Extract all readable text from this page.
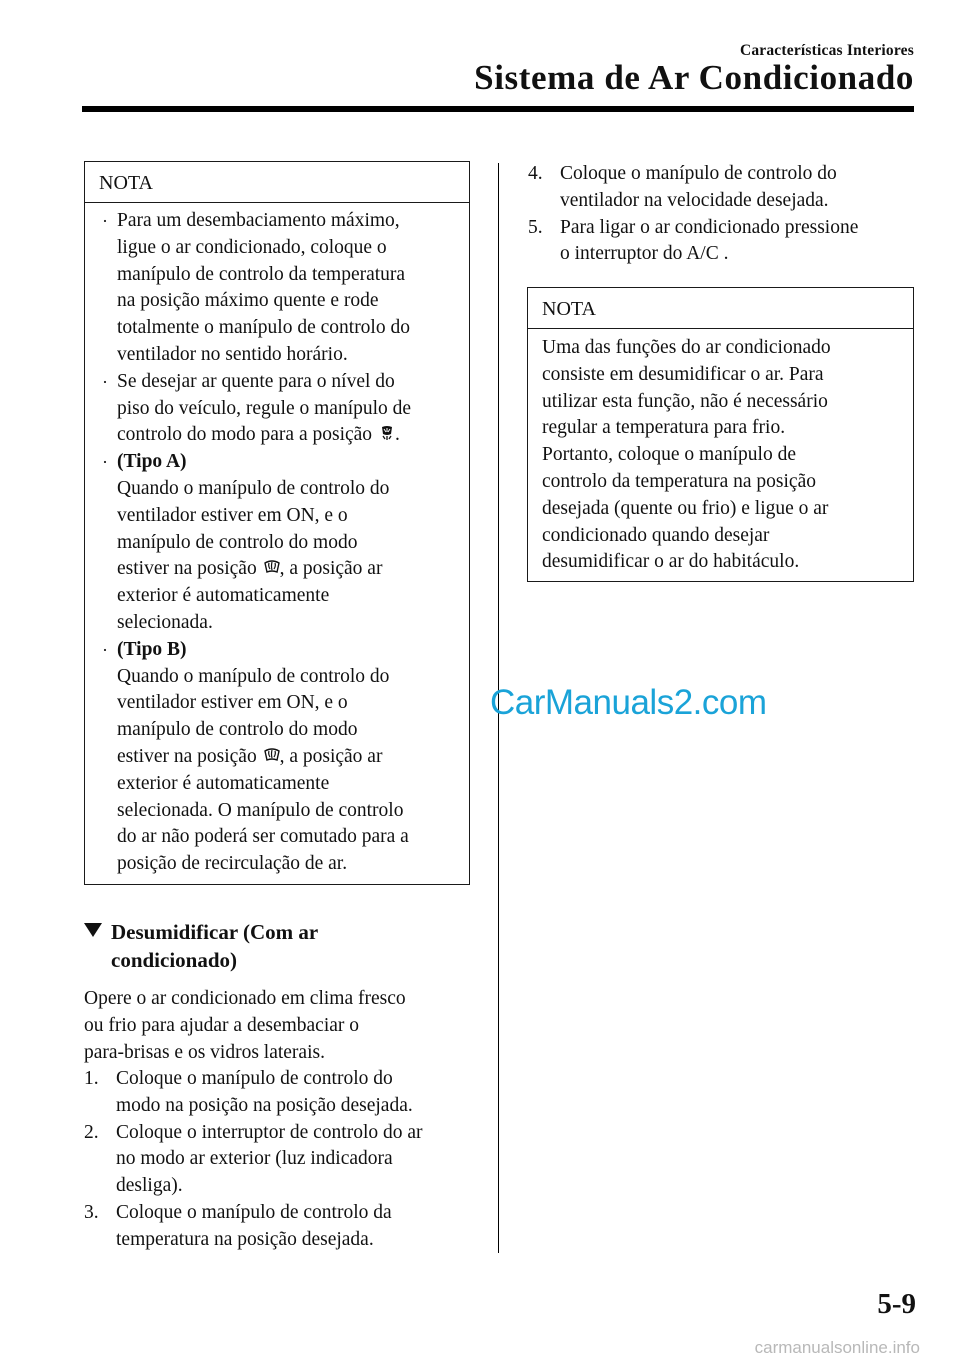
Características Interiores
Sistema de Ar Condicionado
NOTA
· Para um desembaciamento máximo,
ligue o ar condicionado, coloque o
manípulo de controlo da temperatura
na posição máximo quente e rode
totalmente o manípulo de controlo do
ventilador no sentido horário.
· Se desejar ar quente para o nível do
piso do veículo, regule o manípulo de
controlo do modo para a posição .
· (Tipo A)
Quando o manípulo de controlo do
ventilador estiver em ON, e o
manípulo de controlo do modo
estiver na posição , a posição ar
exterior é automaticamente
selecionada.
· (Tipo B)
Quando o manípulo de controlo do
ventilador estiver em ON, e o
manípulo de controlo do modo
estiver na posição , a posição ar
exterior é automaticamente
selecionada. O manípulo de controlo
do ar não poderá ser comutado para a
posição de recirculação de ar.
Desumidificar (Com ar
condicionado)
Opere o ar condicionado em clima fresco
ou frio para ajudar a desembaciar o
para-brisas e os vidros laterais.
1. Coloque o manípulo de controlo do
modo na posição na posição desejada.
2. Coloque o interruptor de controlo do ar
no modo ar exterior (luz indicadora
desliga).
3. Coloque o manípulo de controlo da
temperatura na posição desejada.
4. Coloque o manípulo de controlo do
ventilador na velocidade desejada.
5. Para ligar o ar condicionado pressione
o interruptor do A/C .
NOTA
Uma das funções do ar condicionado
consiste em desumidificar o ar. Para
utilizar esta função, não é necessário
regular a temperatura para frio.
Portanto, coloque o manípulo de
controlo da temperatura na posição
desejada (quente ou frio) e ligue o ar
condicionado quando desejar
desumidificar o ar do habitáculo.
CarManuals2.com
5-9
carmanualsonline.info
